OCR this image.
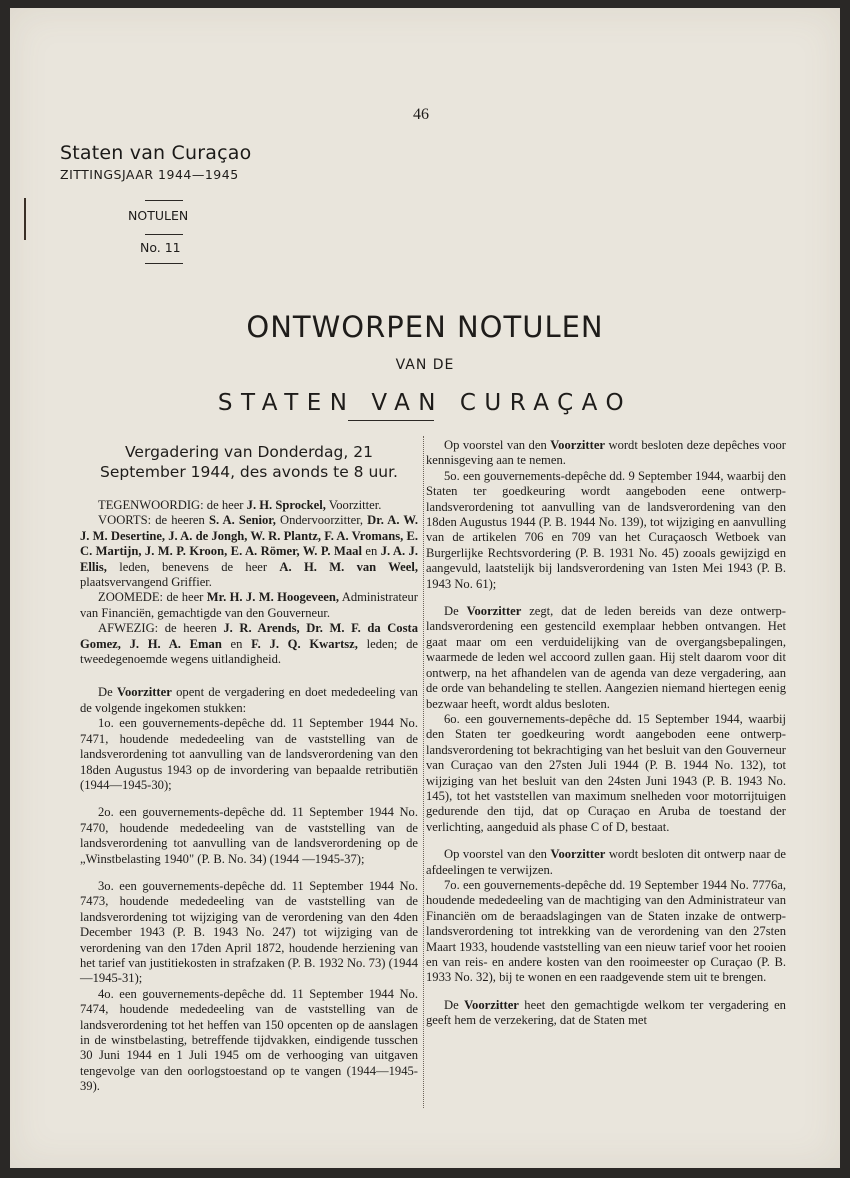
46
Staten van Curaçao
ZITTINGSJAAR 1944—1945
NOTULEN
No. 11
ONTWORPEN NOTULEN
VAN DE
STATEN VAN CURAÇAO
Vergadering van Donderdag, 21 September 1944, des avonds te 8 uur.

TEGENWOORDIG: de heer J. H. Sprockel, Voorzitter.

VOORTS: de heeren S. A. Senior, Ondervoorzitter, Dr. A. W. J. M. Desertine, J. A. de Jongh, W. R. Plantz, F. A. Vromans, E. C. Martijn, J. M. P. Kroon, E. A. Römer, W. P. Maal en J. A. J. Ellis, leden, benevens de heer A. H. M. van Weel, plaatsvervangend Griffier.

ZOOMEDE: de heer Mr. H. J. M. Hoogeveen, Administrateur van Financiën, gemachtigde van den Gouverneur.

AFWEZIG: de heeren J. R. Arends, Dr. M. F. da Costa Gomez, J. H. A. Eman en F. J. Q. Kwartsz, leden; de tweedegenoemde wegens uitlandigheid.

De Voorzitter opent de vergadering en doet mededeeling van de volgende ingekomen stukken:

1o. een gouvernements-depêche dd. 11 September 1944 No. 7471, houdende mededeeling van de vaststelling van de landsverordening tot aanvulling van de landsverordening van den 18den Augustus 1943 op de invordering van bepaalde retributiën (1944—1945-30);

2o. een gouvernements-depêche dd. 11 September 1944 No. 7470, houdende mededeeling van de vaststelling van de landsverordening tot aanvulling van de landsverordening op de „Winstbelasting 1940" (P. B. No. 34) (1944 —1945-37);

3o. een gouvernements-depêche dd. 11 September 1944 No. 7473, houdende mededeeling van de vaststelling van de landsverordening tot wijziging van de verordening van den 4den December 1943 (P. B. 1943 No. 247) tot wijziging van de verordening van den 17den April 1872, houdende herziening van het tarief van justitiekosten in strafzaken (P. B. 1932 No. 73) (1944—1945-31);

4o. een gouvernements-depêche dd. 11 September 1944 No. 7474, houdende mededeeling van de vaststelling van de landsverordening tot het heffen van 150 opcenten op de aanslagen in de winstbelasting, betreffende tijdvakken, eindigende tusschen 30 Juni 1944 en 1 Juli 1945 om de verhooging van uitgaven tengevolge van den oorlogstoestand op te vangen (1944—1945-39).

Op voorstel van den Voorzitter wordt besloten deze depêches voor kennisgeving aan te nemen.

5o. een gouvernements-depêche dd. 9 September 1944, waarbij den Staten ter goedkeuring wordt aangeboden eene ontwerp-landsverordening tot aanvulling van de landsverordening van den 18den Augustus 1944 (P. B. 1944 No. 139), tot wijziging en aanvulling van de artikelen 706 en 709 van het Curaçaosch Wetboek van Burgerlijke Rechtsvordering (P. B. 1931 No. 45) zooals gewijzigd en aangevuld, laatstelijk bij landsverordening van 1sten Mei 1943 (P. B. 1943 No. 61);

De Voorzitter zegt, dat de leden bereids van deze ontwerp-landsverordening een gestencild exemplaar hebben ontvangen. Het gaat maar om een verduidelijking van de overgangsbepalingen, waarmede de leden wel accoord zullen gaan. Hij stelt daarom voor dit ontwerp, na het afhandelen van de agenda van deze vergadering, aan de orde van behandeling te stellen. Aangezien niemand hiertegen eenig bezwaar heeft, wordt aldus besloten.

6o. een gouvernements-depêche dd. 15 September 1944, waarbij den Staten ter goedkeuring wordt aangeboden eene ontwerp-landsverordening tot bekrachtiging van het besluit van den Gouverneur van Curaçao van den 27sten Juli 1944 (P. B. 1944 No. 132), tot wijziging van het besluit van den 24sten Juni 1943 (P. B. 1943 No. 145), tot het vaststellen van maximum snelheden voor motorrijtuigen gedurende den tijd, dat op Curaçao en Aruba de toestand der verlichting, aangeduid als phase C of D, bestaat.

Op voorstel van den Voorzitter wordt besloten dit ontwerp naar de afdeelingen te verwijzen.

7o. een gouvernements-depêche dd. 19 September 1944 No. 7776a, houdende mededeeling van de machtiging van den Administrateur van Financiën om de beraadslagingen van de Staten inzake de ontwerp-landsverordening tot intrekking van de verordening van den 27sten Maart 1933, houdende vaststelling van een nieuw tarief voor het rooien en van reis- en andere kosten van den rooimeester op Curaçao (P. B. 1933 No. 32), bij te wonen en een raadgevende stem uit te brengen.

De Voorzitter heet den gemachtigde welkom ter vergadering en geeft hem de verzekering, dat de Staten met
